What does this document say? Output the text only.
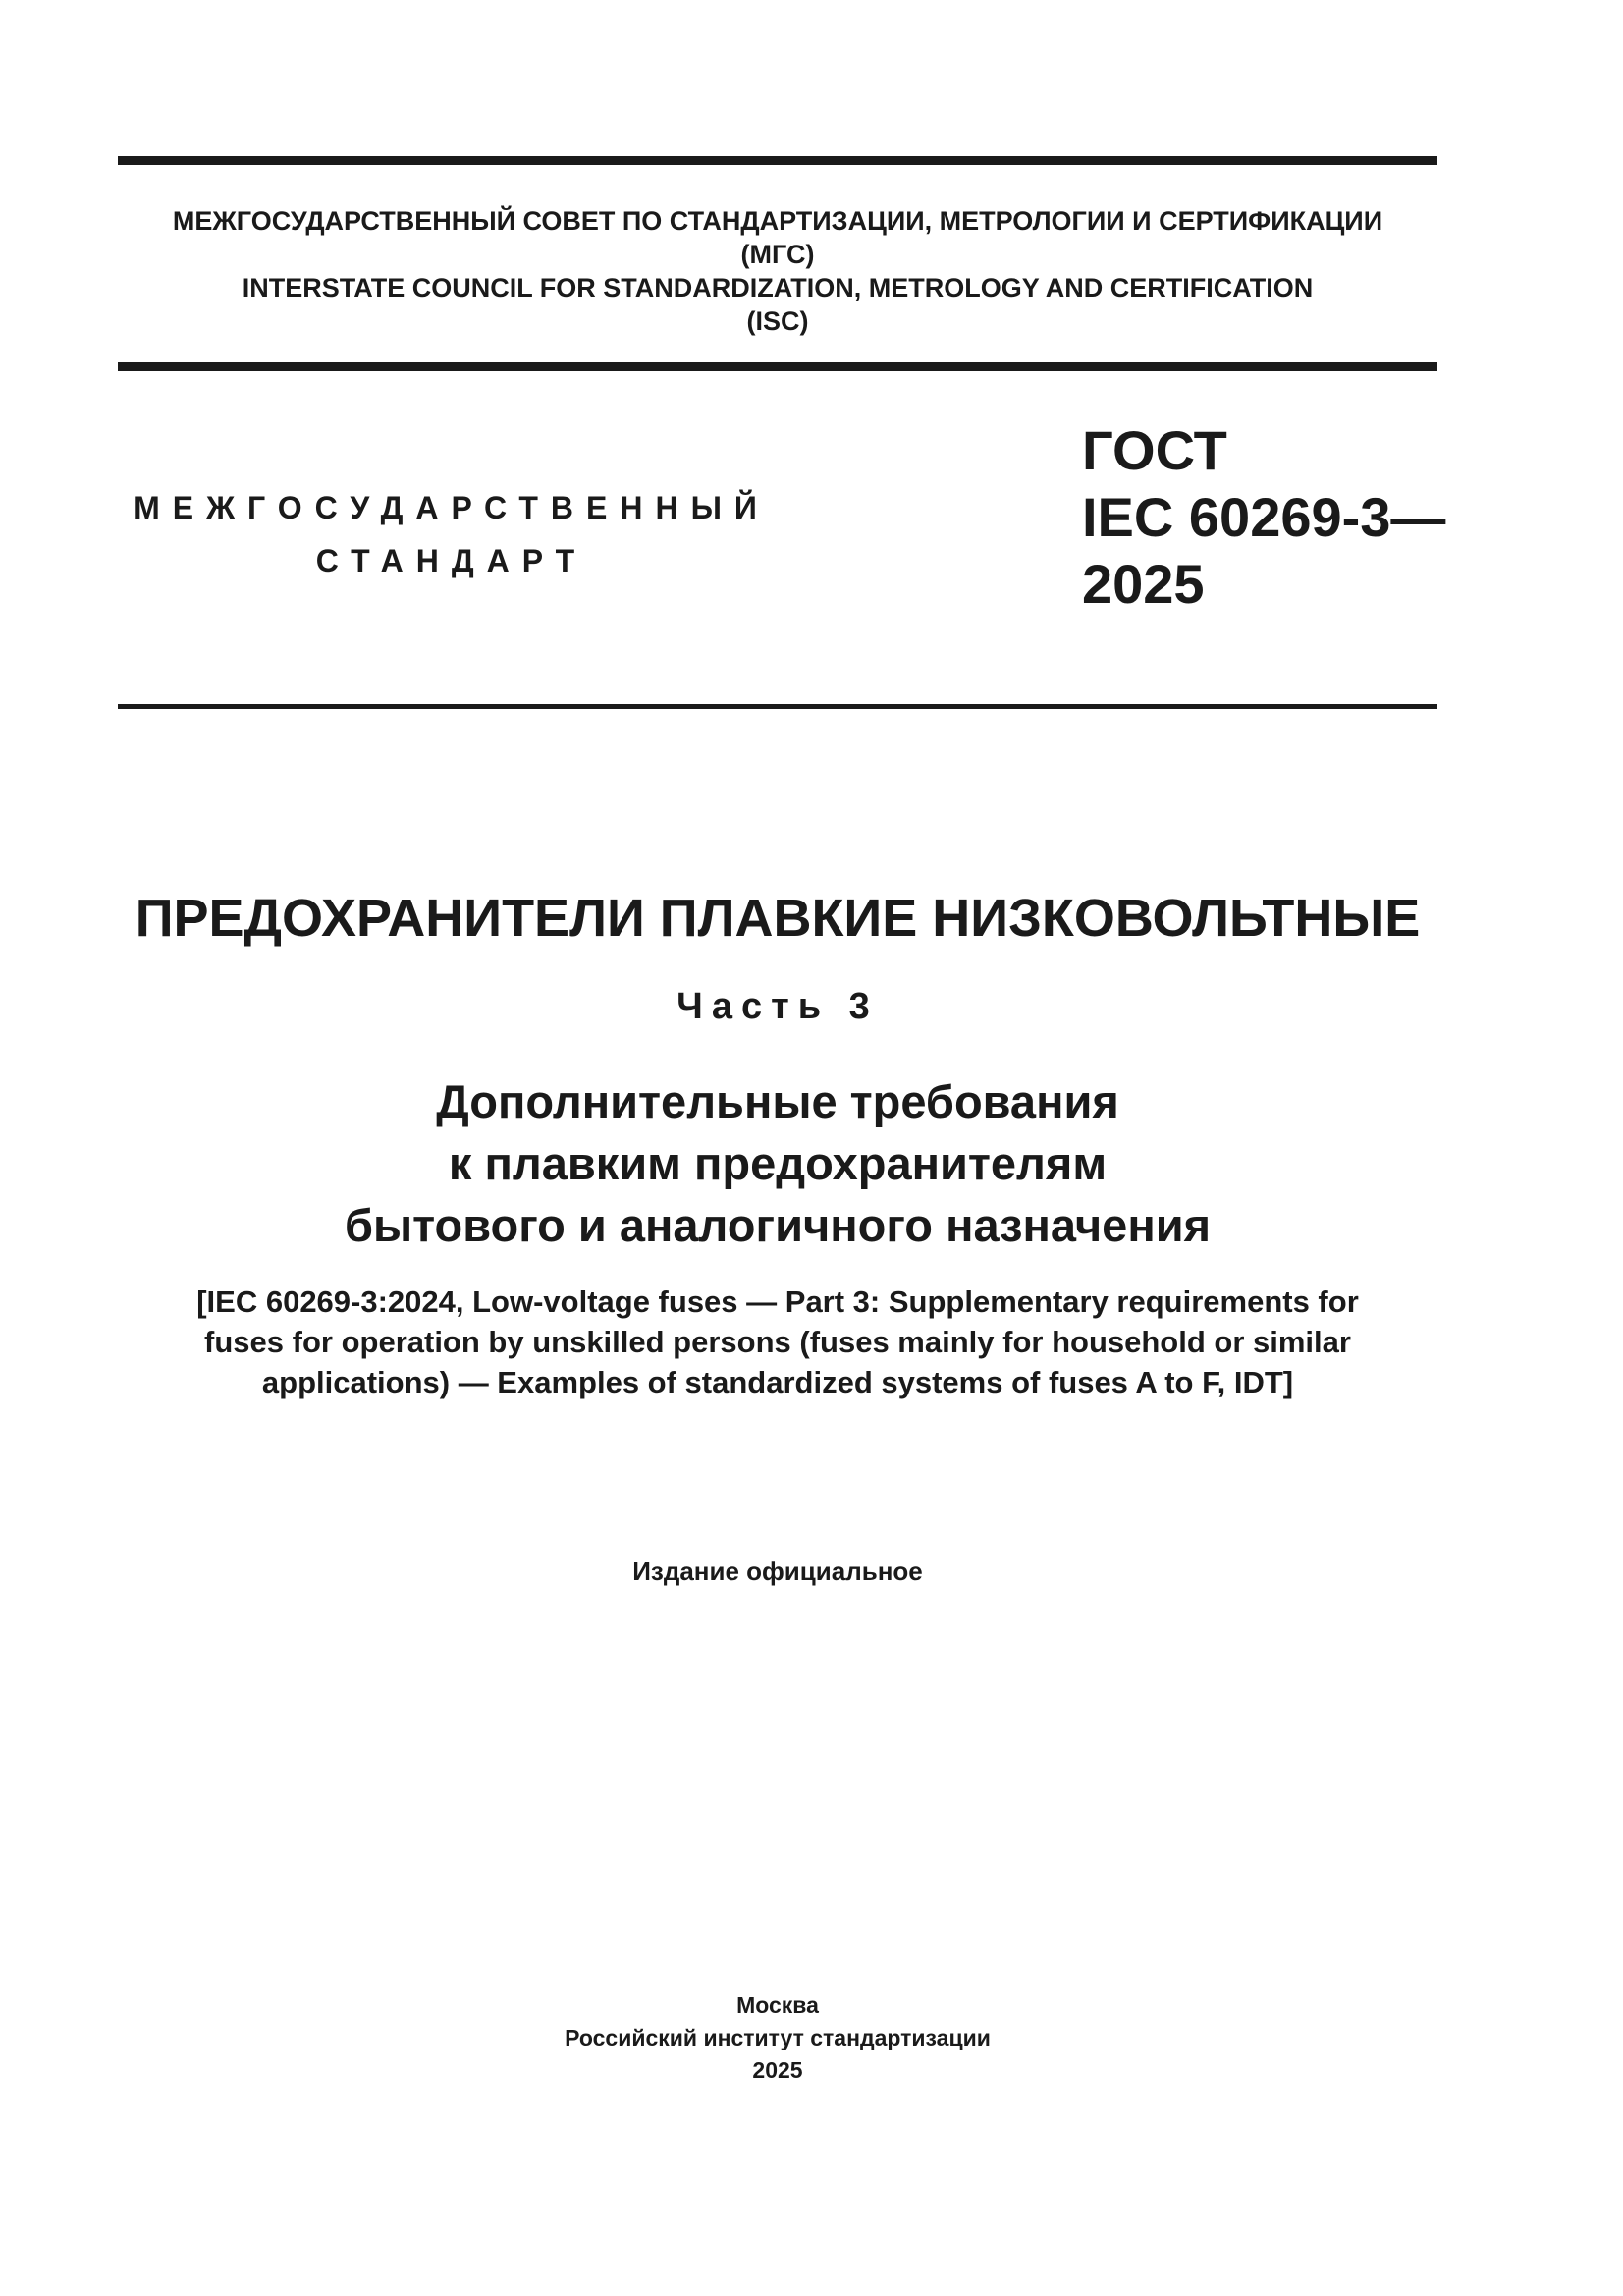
МЕЖГОСУДАРСТВЕННЫЙ СОВЕТ ПО СТАНДАРТИЗАЦИИ, МЕТРОЛОГИИ И СЕРТИФИКАЦИИ
(МГС)
INTERSTATE COUNCIL FOR STANDARDIZATION, METROLOGY AND CERTIFICATION
(ISC)
МЕЖГОСУДАРСТВЕННЫЙ
СТАНДАРТ
ГОСТ
IEC 60269-3—
2025
ПРЕДОХРАНИТЕЛИ ПЛАВКИЕ НИЗКОВОЛЬТНЫЕ
Часть 3
Дополнительные требования
к плавким предохранителям
бытового и аналогичного назначения
[IEC 60269-3:2024, Low-voltage fuses — Part 3: Supplementary requirements for
fuses for operation by unskilled persons (fuses mainly for household or similar
applications) — Examples of standardized systems of fuses A to F, IDT]
Издание официальное
Москва
Российский институт стандартизации
2025
